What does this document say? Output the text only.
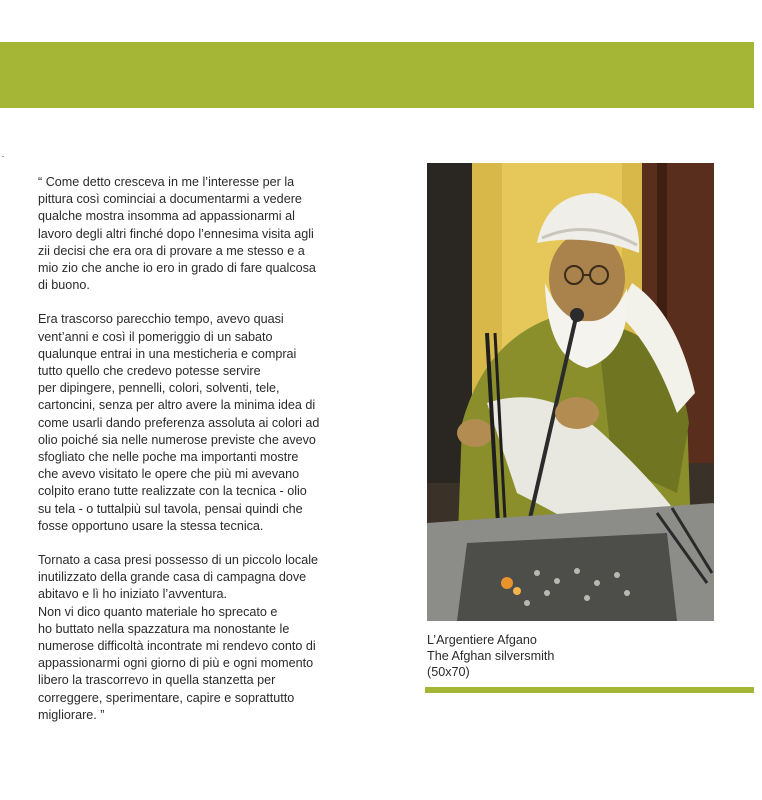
“ Come detto cresceva in me l’interesse per la
pittura così cominciai a documentarmi a vedere
qualche mostra insomma ad appassionarmi al
lavoro degli altri finché dopo l’ennesima visita agli
zii decisi che era ora di provare a me stesso e a
mio zio che anche io ero in grado di fare qualcosa
di buono.

Era trascorso parecchio tempo, avevo quasi
vent’anni e così il pomeriggio di un sabato
qualunque entrai in una mesticheria e comprai
tutto quello che credevo potesse servire
per dipingere, pennelli, colori, solventi, tele,
cartoncini, senza per altro avere la minima idea di
come usarli dando preferenza assoluta ai colori ad
olio poiché sia nelle numerose previste che avevo
sfogliato che nelle poche ma importanti mostre
che avevo visitato le opere che più mi avevano
colpito erano tutte realizzate con la tecnica - olio
su tela - o tuttalpiù sul tavola, pensai quindi che
fosse opportuno usare la stessa tecnica.

Tornato a casa presi possesso di un piccolo locale
inutilizzato della grande casa di campagna dove
abitavo e lì ho iniziato l’avventura.
Non vi dico quanto materiale ho sprecato e
ho buttato nella spazzatura ma nonostante le
numerose difficoltà incontrate mi rendevo conto di
appassionarmi ogni giorno di più e ogni momento
libero la trascorrevo in quella stanzetta per
correggere, sperimentare, capire e soprattutto
migliorare. ”

L’Argentiere Afgano
The Afghan silversmith
(50x70)
